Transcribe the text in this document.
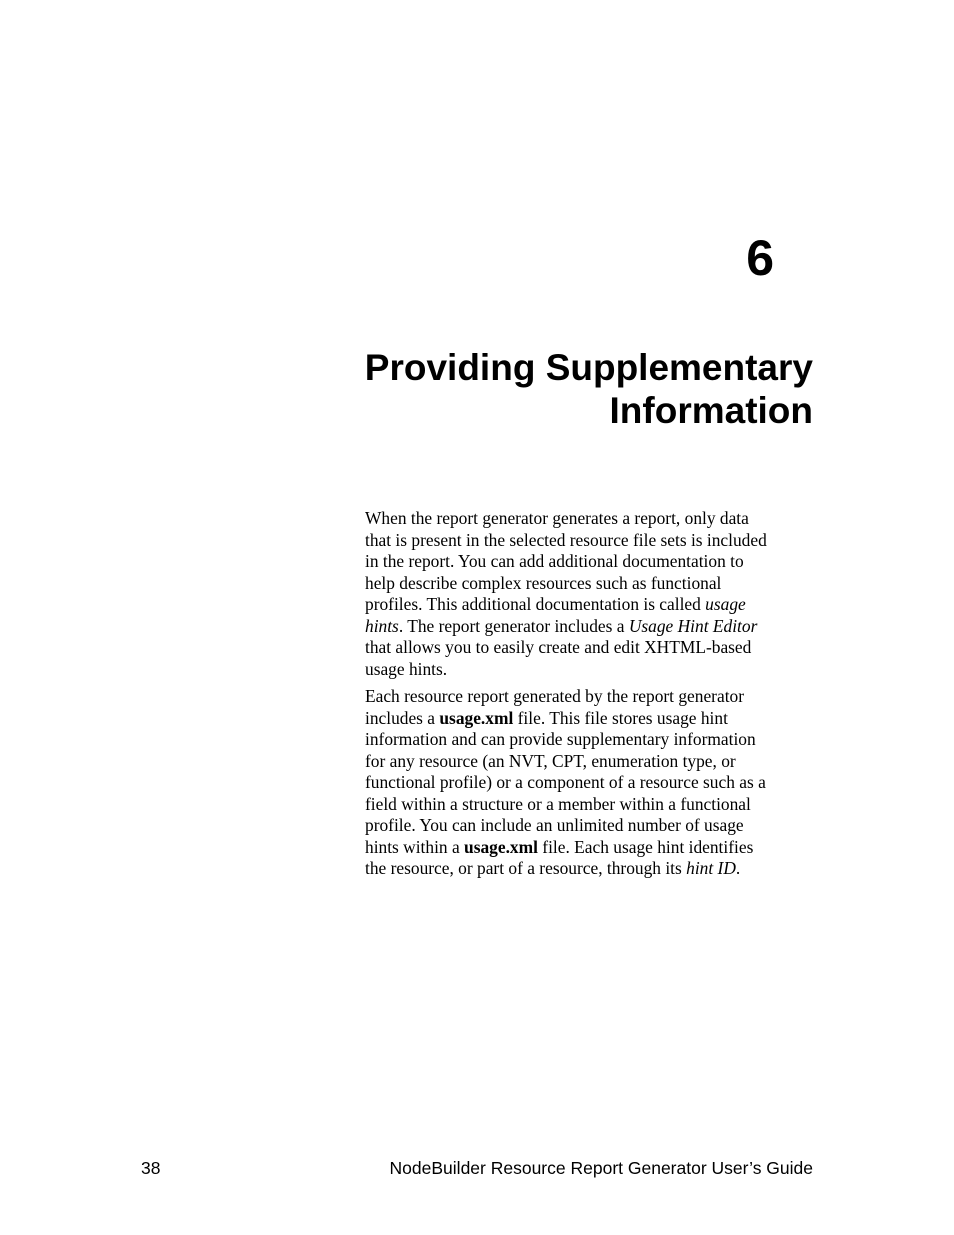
6
Providing Supplementary
Information

When the report generator generates a report, only data
that is present in the selected resource file sets is included
in the report. You can add additional documentation to
help describe complex resources such as functional
profiles. This additional documentation is called usage
hints. The report generator includes a Usage Hint Editor
that allows you to easily create and edit XHTML-based
usage hints.

Each resource report generated by the report generator
includes a usage.xml file. This file stores usage hint
information and can provide supplementary information
for any resource (an NVT, CPT, enumeration type, or
functional profile) or a component of a resource such as a
field within a structure or a member within a functional
profile. You can include an unlimited number of usage
hints within a usage.xml file. Each usage hint identifies
the resource, or part of a resource, through its hint ID.

38	NodeBuilder Resource Report Generator User’s Guide
